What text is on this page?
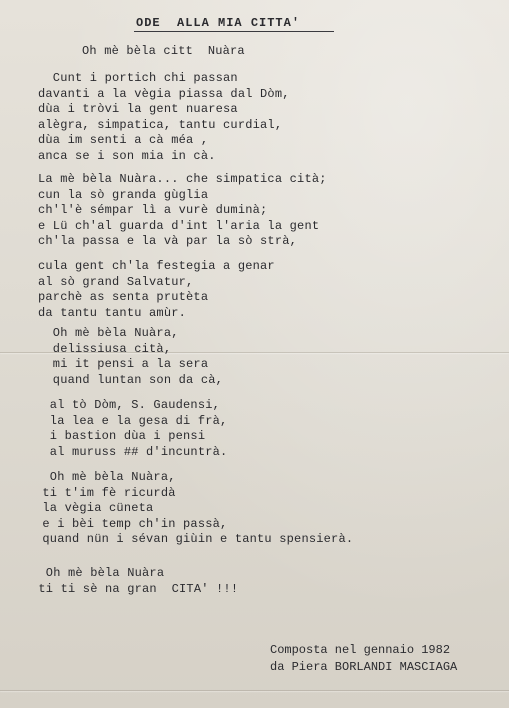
ODE  ALLA MIA CITTA'
Oh mè bèla citt  Nuàra
Cunt i portich chi passan
davanti a la vègia piassa dal Dòm,
dùa i tròvi la gent nuaresa
alègra, simpatica, tantu curdial,
dùa im senti a cà méa ,
anca se i son mia in cà.
La mè bèla Nuàra... che simpatica cità;
cun la sò granda gùglia
ch'l'è sémpar lì a vurè duminà;
e Lü ch'al guarda d'int l'aria la gent
ch'la passa e la và par la sò strà,
cula gent ch'la festegia a genar
al sò grand Salvatur,
parchè as senta prutèta
da tantu tantu amùr.
Oh mè bèla Nuàra,
delissiusa cità,
mi it pensi a la sera
quand luntan son da cà,
al tò Dòm, S. Gaudensi,
la lea e la gesa di frà,
i bastion dùa i pensi
al muruss ## d'incuntrà.
Oh mè bèla Nuàra,
ti t'im fè ricurdà
la vègia cüneta
e i bèi temp ch'in passà,
quand nün i sévan giùin e tantu spensierà.
Oh mè bèla Nuàra
ti ti sè na gran  CITA' !!!
Composta nel gennaio 1982
da Piera BORLANDI MASCIAGA
